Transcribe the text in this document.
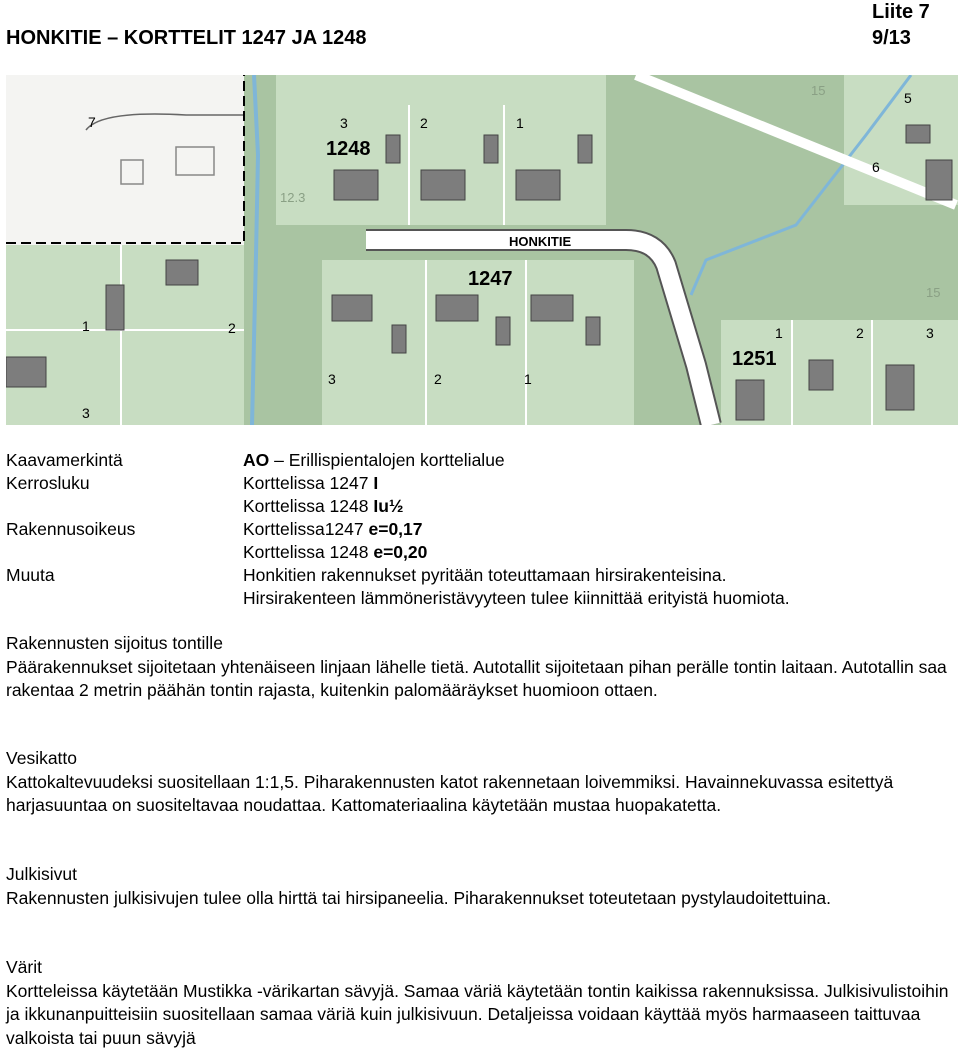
HONKITIE – KORTTELIT 1247 JA 1248
Liite 7
9/13
HONKITIE
1248
1247
1251
3	2	1
3	2	1
1	2	3
1	2
3
5
6
7
12.3
15
15
Kaavamerkintä	AO – Erillispientalojen korttelialue
Kerrosluku	Korttelissa 1247 I
Korttelissa 1248 Iu½
Rakennusoikeus	Korttelissa1247 e=0,17
Korttelissa 1248 e=0,20
Muuta	Honkitien rakennukset pyritään toteuttamaan hirsirakenteisina.
Hirsirakenteen lämmöneristävyyteen tulee kiinnittää erityistä huomiota.

Rakennusten sijoitus tontille

Päärakennukset sijoitetaan yhtenäiseen linjaan lähelle tietä. Autotallit sijoitetaan pihan perälle tontin laitaan. Autotallin saa rakentaa 2 metrin päähän tontin rajasta, kuitenkin palomääräykset huomioon ottaen.

Vesikatto

Kattokaltevuudeksi suositellaan 1:1,5. Piharakennusten katot rakennetaan loivemmiksi. Havainnekuvassa esitettyä harjasuuntaa on suositeltavaa noudattaa. Kattomateriaalina käytetään mustaa huopakatetta.

Julkisivut

Rakennusten julkisivujen tulee olla hirttä tai hirsipaneelia. Piharakennukset toteutetaan pystylaudoitettuina.

Värit

Kortteleissa käytetään Mustikka -värikartan sävyjä. Samaa väriä käytetään tontin kaikissa rakennuksissa. Julkisivulistoihin ja ikkunanpuitteisiin suositellaan samaa väriä kuin julkisivuun. Detaljeissa voidaan käyttää myös harmaaseen taittuvaa valkoista tai puun sävyjä
